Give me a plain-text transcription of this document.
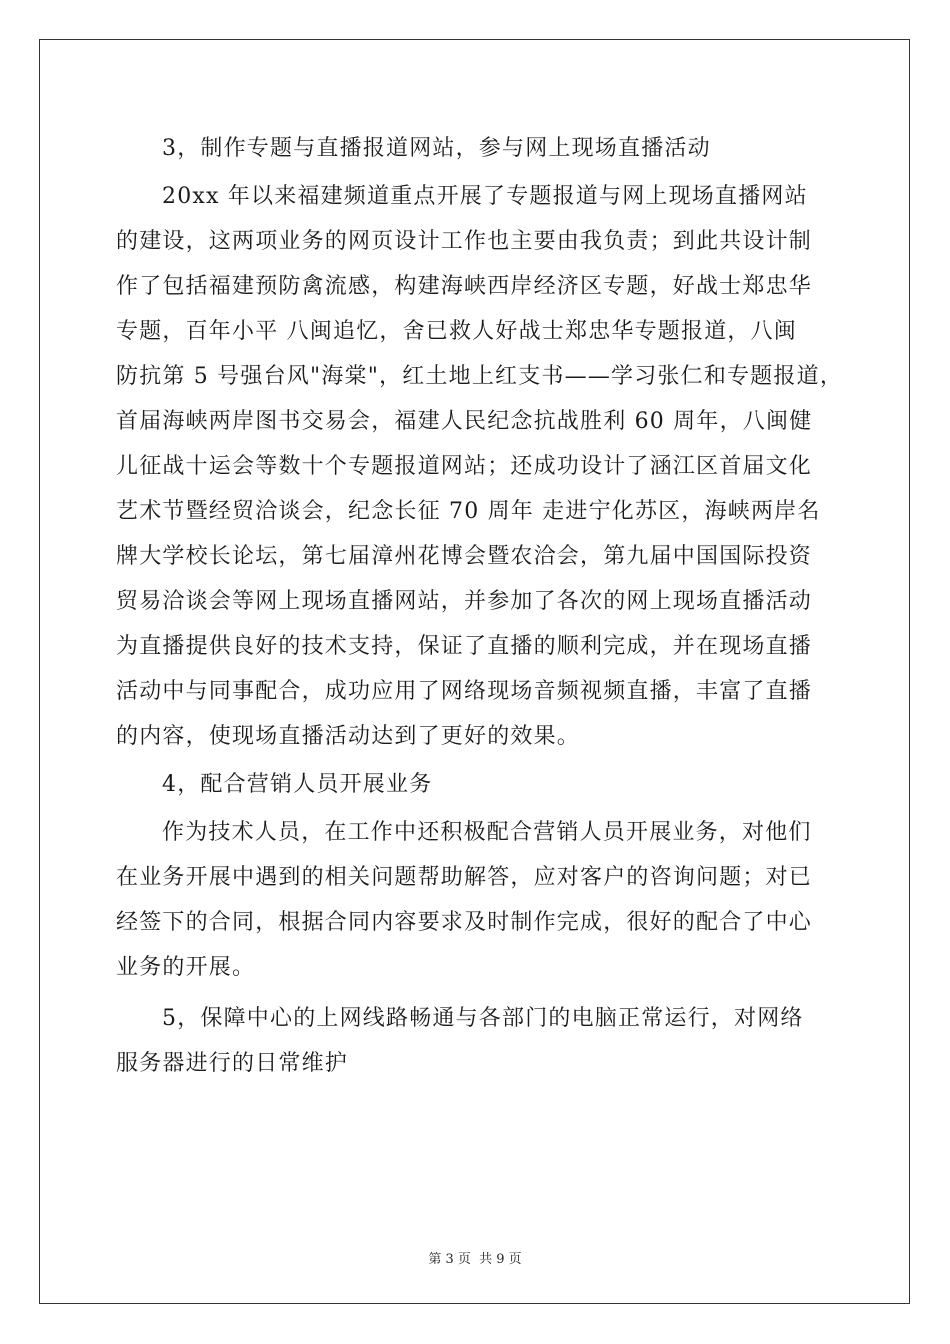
3，制作专题与直播报道网站，参与网上现场直播活动

20xx 年以来福建频道重点开展了专题报道与网上现场直播网站
的建设，这两项业务的网页设计工作也主要由我负责；到此共设计制
作了包括福建预防禽流感，构建海峡西岸经济区专题，好战士郑忠华
专题，百年小平 八闽追忆，舍已救人好战士郑忠华专题报道，八闽
防抗第 5 号强台风"海棠"，红土地上红支书——学习张仁和专题报道，
首届海峡两岸图书交易会，福建人民纪念抗战胜利 60 周年，八闽健
儿征战十运会等数十个专题报道网站；还成功设计了涵江区首届文化
艺术节暨经贸洽谈会，纪念长征 70 周年 走进宁化苏区，海峡两岸名
牌大学校长论坛，第七届漳州花博会暨农洽会，第九届中国国际投资
贸易洽谈会等网上现场直播网站，并参加了各次的网上现场直播活动
为直播提供良好的技术支持，保证了直播的顺利完成，并在现场直播
活动中与同事配合，成功应用了网络现场音频视频直播，丰富了直播
的内容，使现场直播活动达到了更好的效果。

4，配合营销人员开展业务

作为技术人员，在工作中还积极配合营销人员开展业务，对他们
在业务开展中遇到的相关问题帮助解答，应对客户的咨询问题；对已
经签下的合同，根据合同内容要求及时制作完成，很好的配合了中心
业务的开展。

5，保障中心的上网线路畅通与各部门的电脑正常运行，对网络
服务器进行的日常维护

第 3 页 共 9 页
